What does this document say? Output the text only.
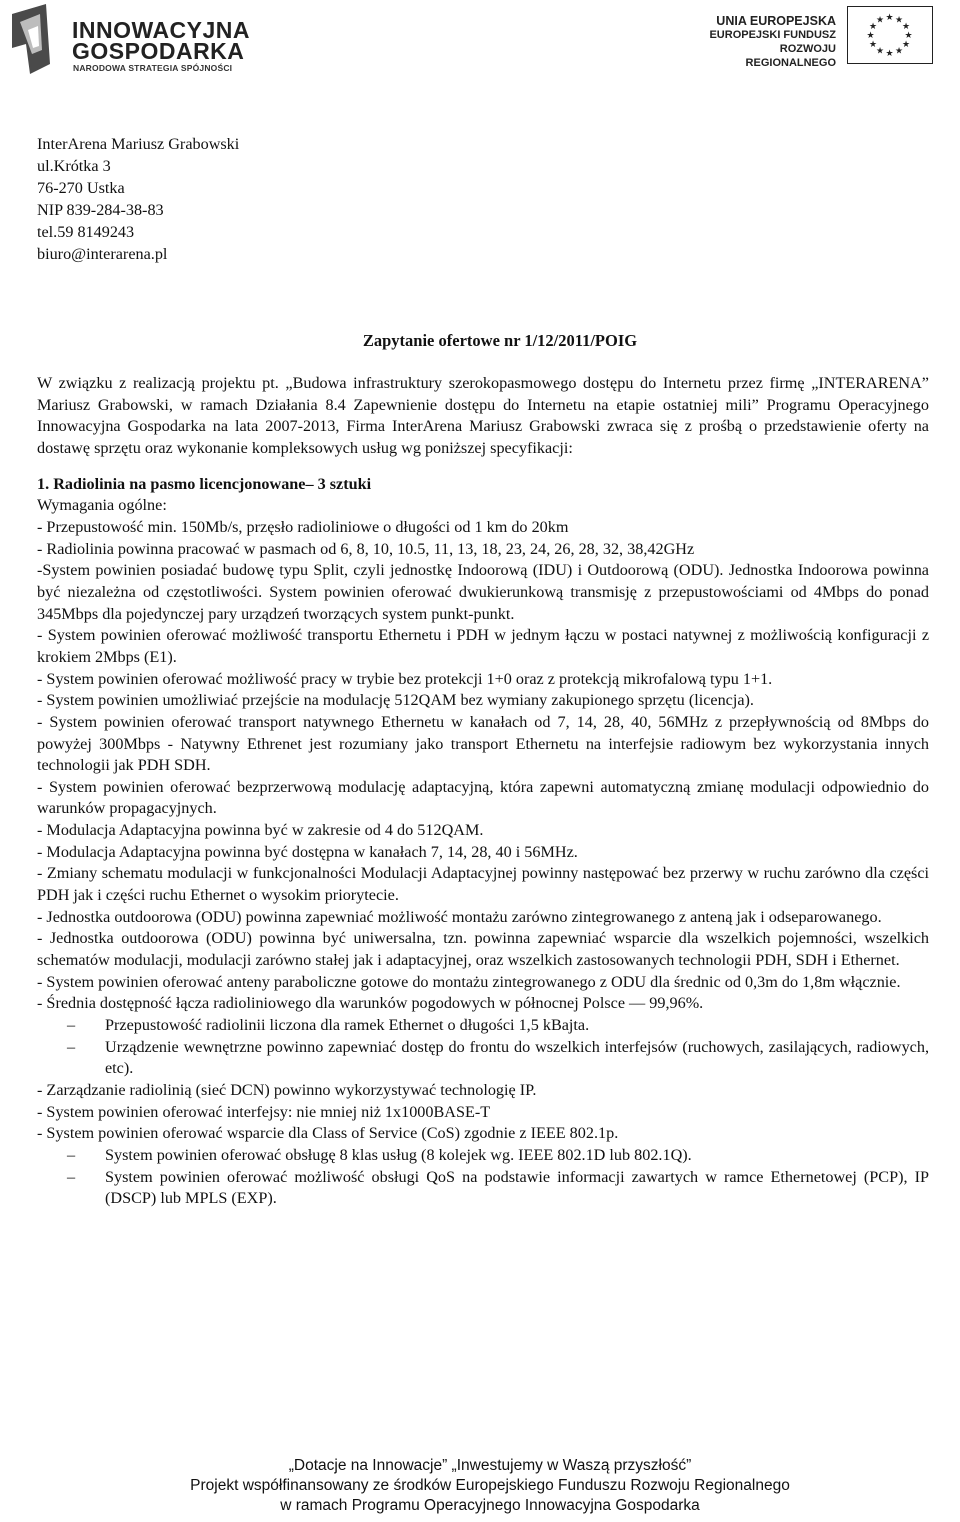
INNOWACYJNA
GOSPODARKA
NARODOWA STRATEGIA SPÓJNOŚCI
UNIA EUROPEJSKA
EUROPEJSKI FUNDUSZ
ROZWOJU REGIONALNEGO
★ ★
★
★
★
★
★
★
★
★
★
★
InterArena Mariusz Grabowski
ul.Krótka 3
76-270 Ustka
NIP 839-284-38-83
tel.59 8149243
biuro@interarena.pl
Zapytanie ofertowe nr 1/12/2011/POIG

W związku z realizacją projektu pt. „Budowa infrastruktury szerokopasmowego dostępu do Internetu przez firmę „INTERARENA” Mariusz Grabowski, w ramach Działania 8.4 Zapewnienie dostępu do Internetu na etapie ostatniej mili” Programu Operacyjnego Innowacyjna Gospodarka na lata 2007-2013, Firma InterArena Mariusz Grabowski zwraca się z prośbą o przedstawienie oferty na dostawę sprzętu oraz wykonanie kompleksowych usług wg poniższej specyfikacji:

1. Radiolinia na pasmo licencjonowane– 3 sztuki

Wymagania ogólne:

- Przepustowość min. 150Mb/s, przęsło radioliniowe o długości od 1 km do 20km

- Radiolinia powinna pracować w pasmach od 6, 8, 10, 10.5, 11, 13, 18, 23, 24, 26, 28, 32, 38,42GHz

-System powinien posiadać budowę typu Split, czyli jednostkę Indoorową (IDU) i Outdoorową (ODU). Jednostka Indoorowa powinna być niezależna od częstotliwości. System powinien oferować dwukierunkową transmisję z przepustowościami od 4Mbps do ponad 345Mbps dla pojedynczej pary urządzeń tworzących system punkt-punkt.

- System powinien oferować możliwość transportu Ethernetu i PDH w jednym łączu w postaci natywnej z możliwością konfiguracji z krokiem 2Mbps (E1).

- System powinien oferować możliwość pracy w trybie bez protekcji 1+0 oraz z protekcją mikrofalową typu 1+1.

- System powinien umożliwiać przejście na modulację 512QAM bez wymiany zakupionego sprzętu (licencja).

- System powinien oferować transport natywnego Ethernetu w kanałach od 7, 14, 28, 40, 56MHz z przepływnością od 8Mbps do powyżej 300Mbps - Natywny Ethrenet jest rozumiany jako transport Ethernetu na interfejsie radiowym bez wykorzystania innych technologii jak PDH SDH.

- System powinien oferować bezprzerwową modulację adaptacyjną, która zapewni automatyczną zmianę modulacji odpowiednio do warunków propagacyjnych.

- Modulacja Adaptacyjna powinna być w zakresie od 4 do 512QAM.

- Modulacja Adaptacyjna powinna być dostępna w kanałach 7, 14, 28, 40 i 56MHz.

- Zmiany schematu modulacji w funkcjonalności Modulacji Adaptacyjnej powinny następować bez przerwy w ruchu zarówno dla części PDH jak i części ruchu Ethernet o wysokim priorytecie.

- Jednostka outdoorowa (ODU) powinna zapewniać możliwość montażu zarówno zintegrowanego z anteną jak i odseparowanego.

- Jednostka outdoorowa (ODU) powinna być uniwersalna, tzn. powinna zapewniać wsparcie dla wszelkich pojemności, wszelkich schematów modulacji, modulacji zarówno stałej jak i adaptacyjnej, oraz wszelkich zastosowanych technologii PDH, SDH i Ethernet.

- System powinien oferować anteny paraboliczne gotowe do montażu zintegrowanego z ODU dla średnic od 0,3m do 1,8m włącznie.

- Średnia dostępność łącza radioliniowego dla warunków pogodowych w północnej Polsce — 99,96%.

– Przepustowość radiolinii liczona dla ramek Ethernet o długości 1,5 kBajta.

– Urządzenie wewnętrzne powinno zapewniać dostęp do frontu do wszelkich interfejsów (ruchowych, zasilających, radiowych, etc).

- Zarządzanie radiolinią (sieć DCN) powinno wykorzystywać technologię IP.

- System powinien oferować interfejsy: nie mniej niż 1x1000BASE-T

- System powinien oferować wsparcie dla Class of Service (CoS) zgodnie z IEEE 802.1p.

– System powinien oferować obsługę 8 klas usług (8 kolejek wg. IEEE 802.1D lub 802.1Q).

– System powinien oferować możliwość obsługi QoS na podstawie informacji zawartych w ramce Ethernetowej (PCP), IP (DSCP) lub MPLS (EXP).

„Dotacje na Innowacje” „Inwestujemy w Waszą przyszłość”
Projekt współfinansowany ze środków Europejskiego Funduszu Rozwoju Regionalnego
w ramach Programu Operacyjnego Innowacyjna Gospodarka
